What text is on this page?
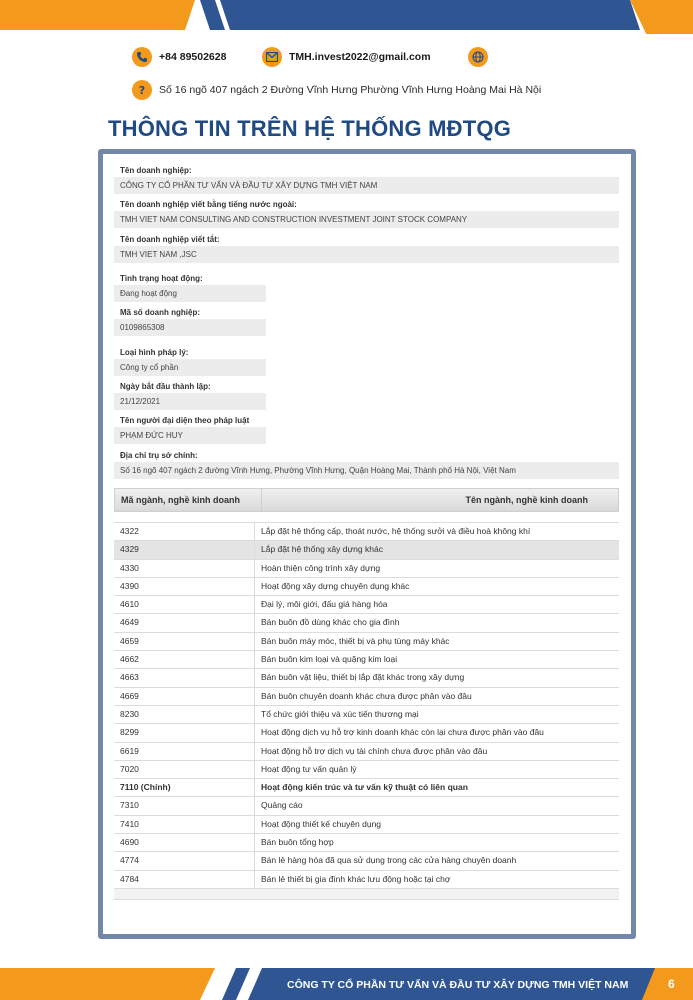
+84 89502628	TMH.invest2022@gmail.com
? Số 16 ngõ 407 ngách 2 Đường Vĩnh Hưng Phường Vĩnh Hưng Hoàng Mai Hà Nội
THÔNG TIN TRÊN HỆ THỐNG MĐTQG
Tên doanh nghiệp:
CÔNG TY CỔ PHẦN TƯ VẤN VÀ ĐẦU TƯ XÂY DỰNG TMH VIỆT NAM
Tên doanh nghiệp viết bằng tiếng nước ngoài:
TMH VIET NAM CONSULTING AND CONSTRUCTION INVESTMENT JOINT STOCK COMPANY
Tên doanh nghiệp viết tắt:
TMH VIET NAM ,JSC
Tình trạng hoạt động:
Đang hoạt động
Mã số doanh nghiệp:
0109865308
Loại hình pháp lý:
Công ty cổ phần
Ngày bắt đầu thành lập:
21/12/2021
Tên người đại diện theo pháp luật
PHẠM ĐỨC HUY
Địa chỉ trụ sở chính:
Số 16 ngõ 407 ngách 2 đường Vĩnh Hưng, Phường Vĩnh Hưng, Quận Hoàng Mai, Thành phố Hà Nội, Việt Nam
Mã ngành, nghề kinh doanh	Tên ngành, nghề kinh doanh
4322	Lắp đặt hệ thống cấp, thoát nước, hệ thống sưởi và điều hoà không khí
4329	Lắp đặt hệ thống xây dựng khác
4330	Hoàn thiện công trình xây dựng
4390	Hoạt động xây dựng chuyên dụng khác
4610	Đại lý, môi giới, đấu giá hàng hóa
4649	Bán buôn đồ dùng khác cho gia đình
4659	Bán buôn máy móc, thiết bị và phụ tùng máy khác
4662	Bán buôn kim loại và quặng kim loại
4663	Bán buôn vật liệu, thiết bị lắp đặt khác trong xây dựng
4669	Bán buôn chuyên doanh khác chưa được phân vào đâu
8230	Tổ chức giới thiệu và xúc tiến thương mại
8299	Hoạt động dịch vụ hỗ trợ kinh doanh khác còn lại chưa được phân vào đâu
6619	Hoạt động hỗ trợ dịch vụ tài chính chưa được phân vào đâu
7020	Hoạt động tư vấn quản lý
7110 (Chính)	Hoạt động kiến trúc và tư vấn kỹ thuật có liên quan
7310	Quảng cáo
7410	Hoạt động thiết kế chuyên dụng
4690	Bán buôn tổng hợp
4774	Bán lẻ hàng hóa đã qua sử dụng trong các cửa hàng chuyên doanh
4784	Bán lẻ thiết bị gia đình khác lưu động hoặc tại chợ
CÔNG TY CỔ PHẦN TƯ VẤN VÀ ĐẦU TƯ XÂY DỰNG TMH VIỆT NAM	6
